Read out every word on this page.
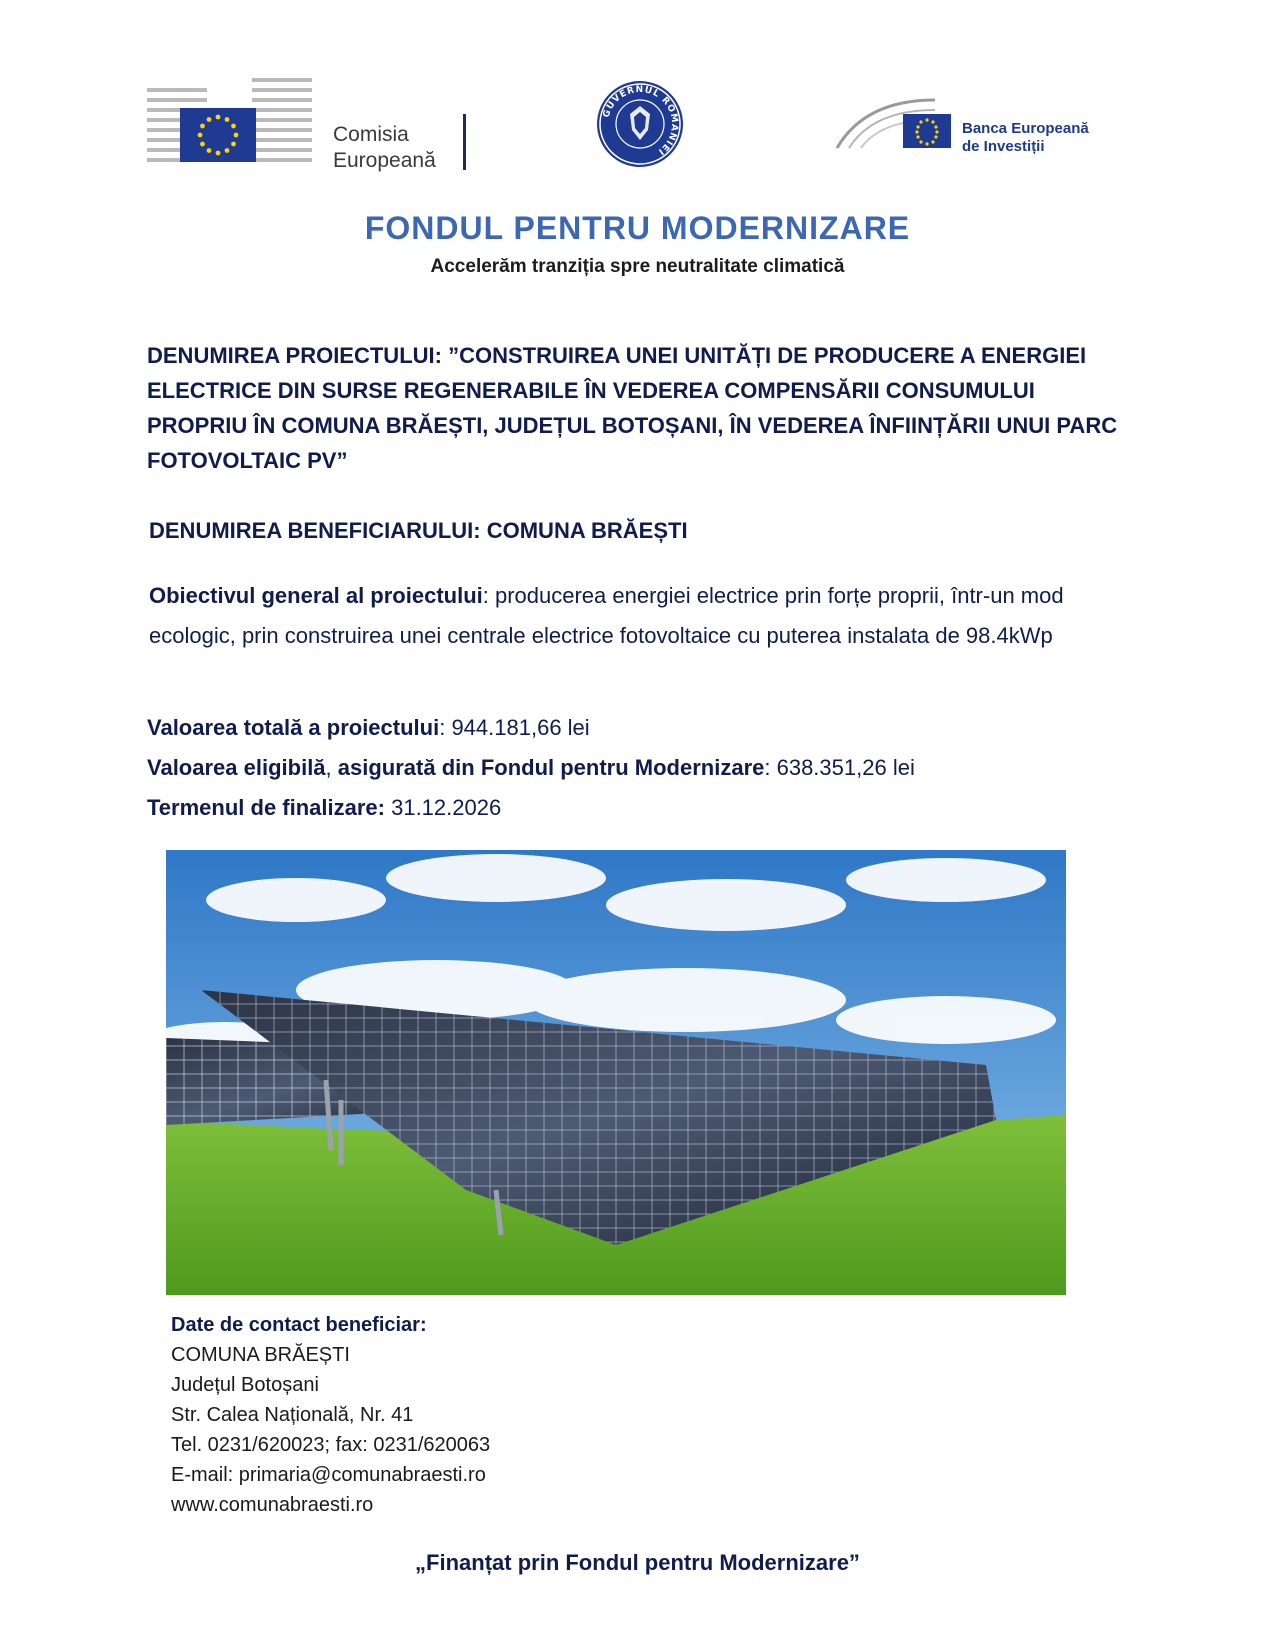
Comisia
Europeană
GUVERNUL ROMÂNIEI
Banca Europeană
de Investiții
FONDUL PENTRU MODERNIZARE
Accelerăm tranziția spre neutralitate climatică
DENUMIREA PROIECTULUI: ”CONSTRUIREA UNEI UNITĂȚI DE PRODUCERE A ENERGIEI ELECTRICE DIN SURSE REGENERABILE ÎN VEDEREA COMPENSĂRII CONSUMULUI PROPRIU ÎN COMUNA BRĂEȘTI, JUDEȚUL BOTOȘANI, ÎN VEDEREA ÎNFIINȚĂRII UNUI PARC FOTOVOLTAIC PV”
DENUMIREA BENEFICIARULUI: COMUNA BRĂEȘTI
Obiectivul general al proiectului: producerea energiei electrice prin forțe proprii, într-un mod ecologic, prin construirea unei centrale electrice fotovoltaice cu puterea instalata de 98.4kWp
Valoarea totală a proiectului: 944.181,66 lei
Valoarea eligibilă, asigurată din Fondul pentru Modernizare: 638.351,26 lei
Termenul de finalizare: 31.12.2026
Date de contact beneficiar:
COMUNA BRĂEȘTI
Județul Botoșani
Str. Calea Națională, Nr. 41
Tel. 0231/620023; fax: 0231/620063
E-mail: primaria@comunabraesti.ro
www.comunabraesti.ro
„Finanțat prin Fondul pentru Modernizare”
